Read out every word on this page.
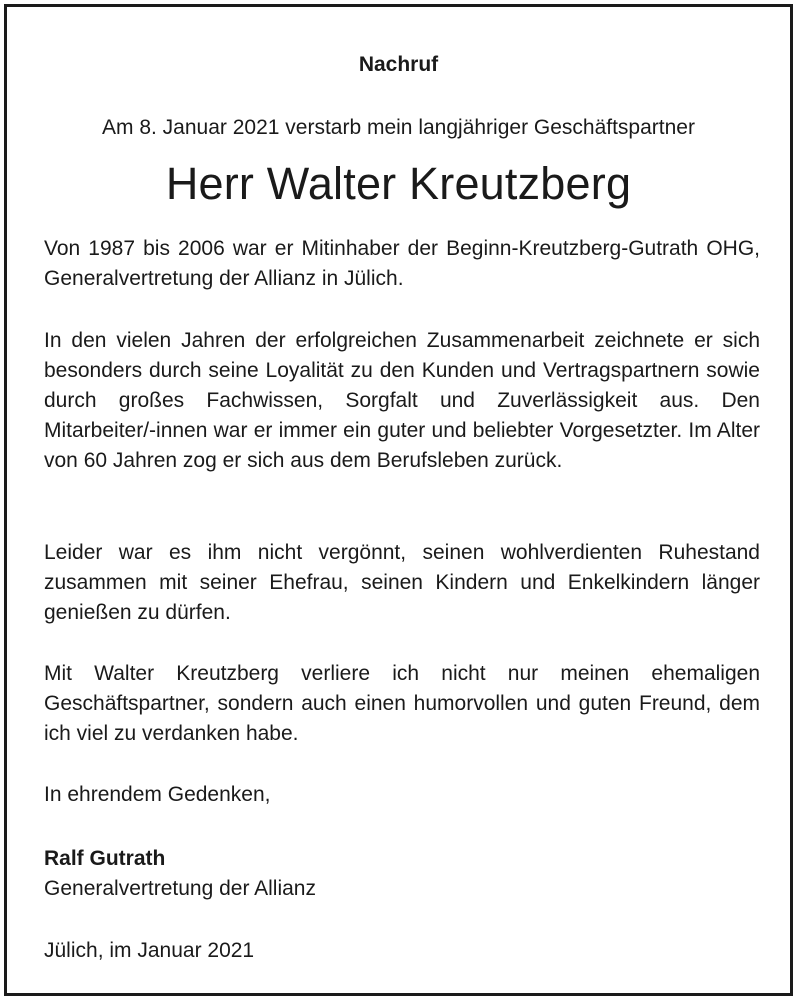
Nachruf
Am 8. Januar 2021 verstarb mein langjähriger Geschäftspartner
Herr Walter Kreutzberg

Von 1987 bis 2006 war er Mitinhaber der Beginn-Kreutzberg-Gutrath OHG, Generalvertretung der Allianz in Jülich.

In den vielen Jahren der erfolgreichen Zusammenarbeit zeichnete er sich besonders durch seine Loyalität zu den Kunden und Vertragspartnern sowie durch großes Fachwissen, Sorgfalt und Zuverlässigkeit aus. Den Mitarbeiter/-innen war er immer ein guter und beliebter Vorgesetzter. Im Alter von 60 Jahren zog er sich aus dem Berufsleben zurück.

Leider war es ihm nicht vergönnt, seinen wohlverdienten Ruhestand zusammen mit seiner Ehefrau, seinen Kindern und Enkelkindern länger genießen zu dürfen.

Mit Walter Kreutzberg verliere ich nicht nur meinen ehemaligen Geschäftspartner, sondern auch einen humorvollen und guten Freund, dem ich viel zu verdanken habe.

In ehrendem Gedenken,
Ralf Gutrath
Generalvertretung der Allianz
Jülich, im Januar 2021
